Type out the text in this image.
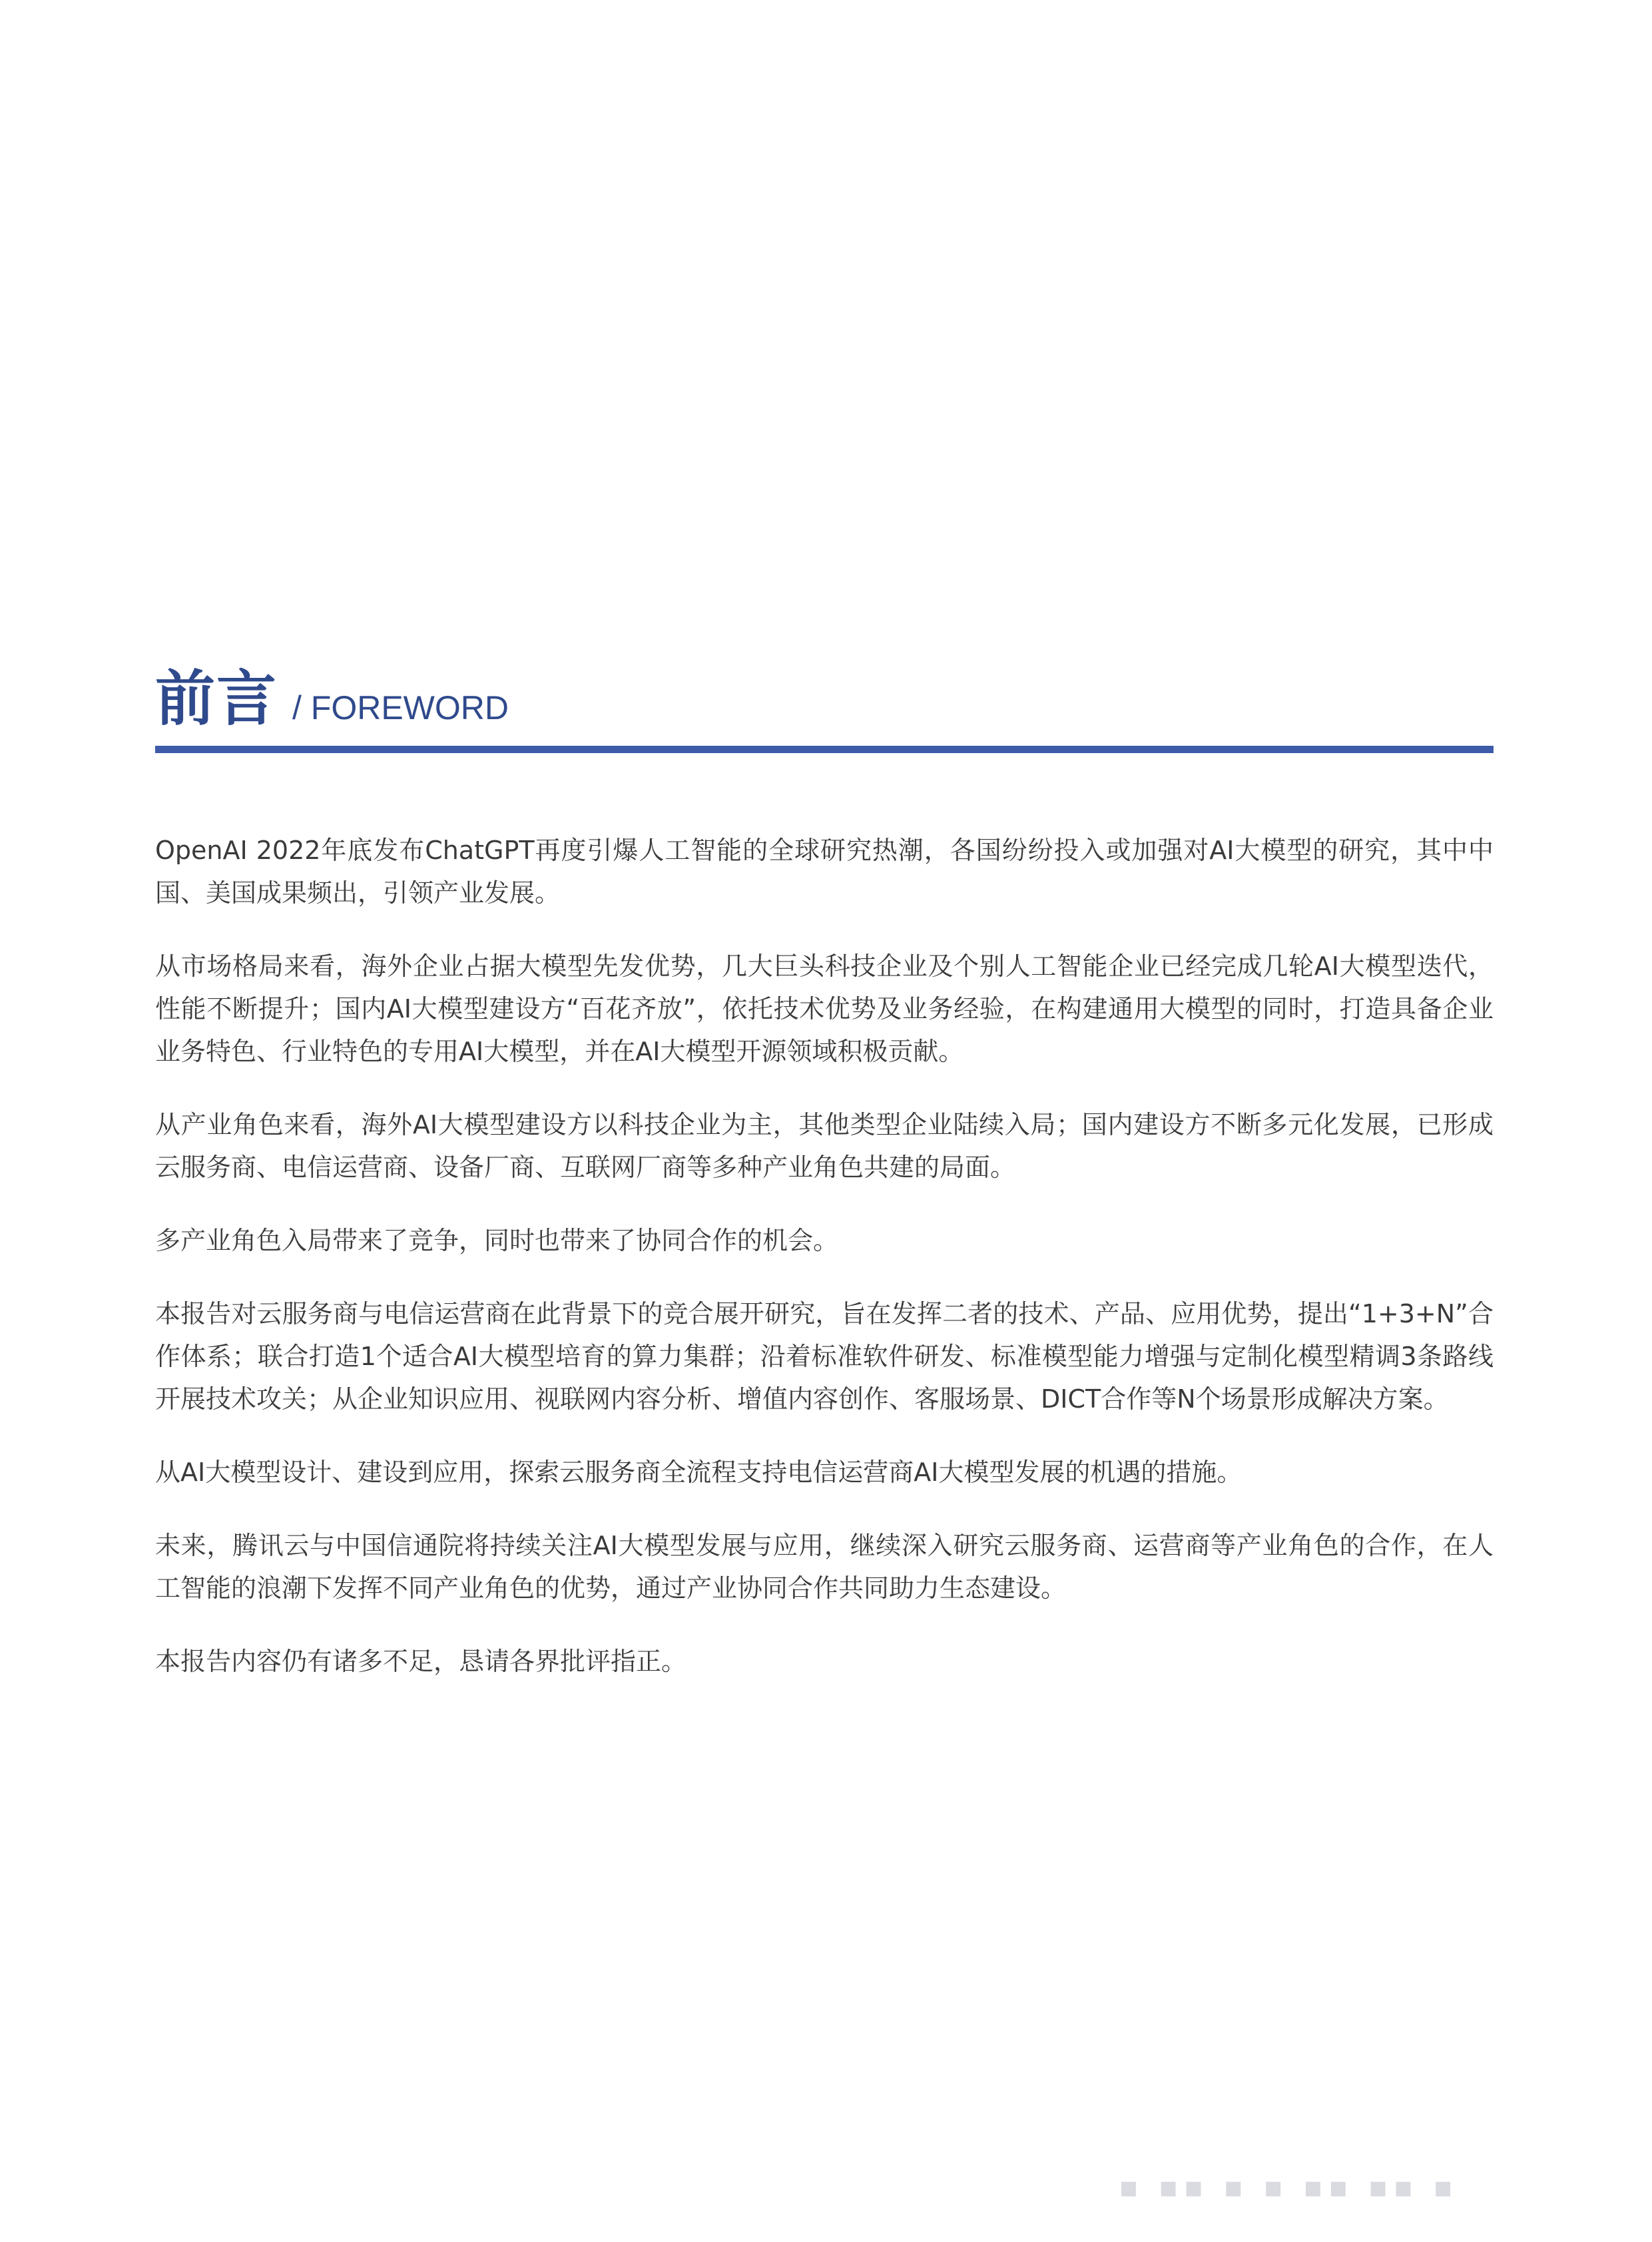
前言 / FOREWORD

OpenAI 2022年底发布ChatGPT再度引爆人工智能的全球研究热潮，各国纷纷投入或加强对AI大模型的研究，其中中国、美国成果频出，引领产业发展。

从市场格局来看，海外企业占据大模型先发优势，几大巨头科技企业及个别人工智能企业已经完成几轮AI大模型迭代，性能不断提升；国内AI大模型建设方“百花齐放”，依托技术优势及业务经验，在构建通用大模型的同时，打造具备企业业务特色、行业特色的专用AI大模型，并在AI大模型开源领域积极贡献。

从产业角色来看，海外AI大模型建设方以科技企业为主，其他类型企业陆续入局；国内建设方不断多元化发展，已形成云服务商、电信运营商、设备厂商、互联网厂商等多种产业角色共建的局面。

多产业角色入局带来了竞争，同时也带来了协同合作的机会。

本报告对云服务商与电信运营商在此背景下的竞合展开研究，旨在发挥二者的技术、产品、应用优势，提出“1+3+N”合作体系；联合打造1个适合AI大模型培育的算力集群；沿着标准软件研发、标准模型能力增强与定制化模型精调3条路线开展技术攻关；从企业知识应用、视联网内容分析、增值内容创作、客服场景、DICT合作等N个场景形成解决方案。

从AI大模型设计、建设到应用，探索云服务商全流程支持电信运营商AI大模型发展的机遇的措施。

未来，腾讯云与中国信通院将持续关注AI大模型发展与应用，继续深入研究云服务商、运营商等产业角色的合作，在人工智能的浪潮下发挥不同产业角色的优势，通过产业协同合作共同助力生态建设。

本报告内容仍有诸多不足，恳请各界批评指正。

▪ ▪▪ ▪ ▪ ▪▪ ▪▪ ▪
